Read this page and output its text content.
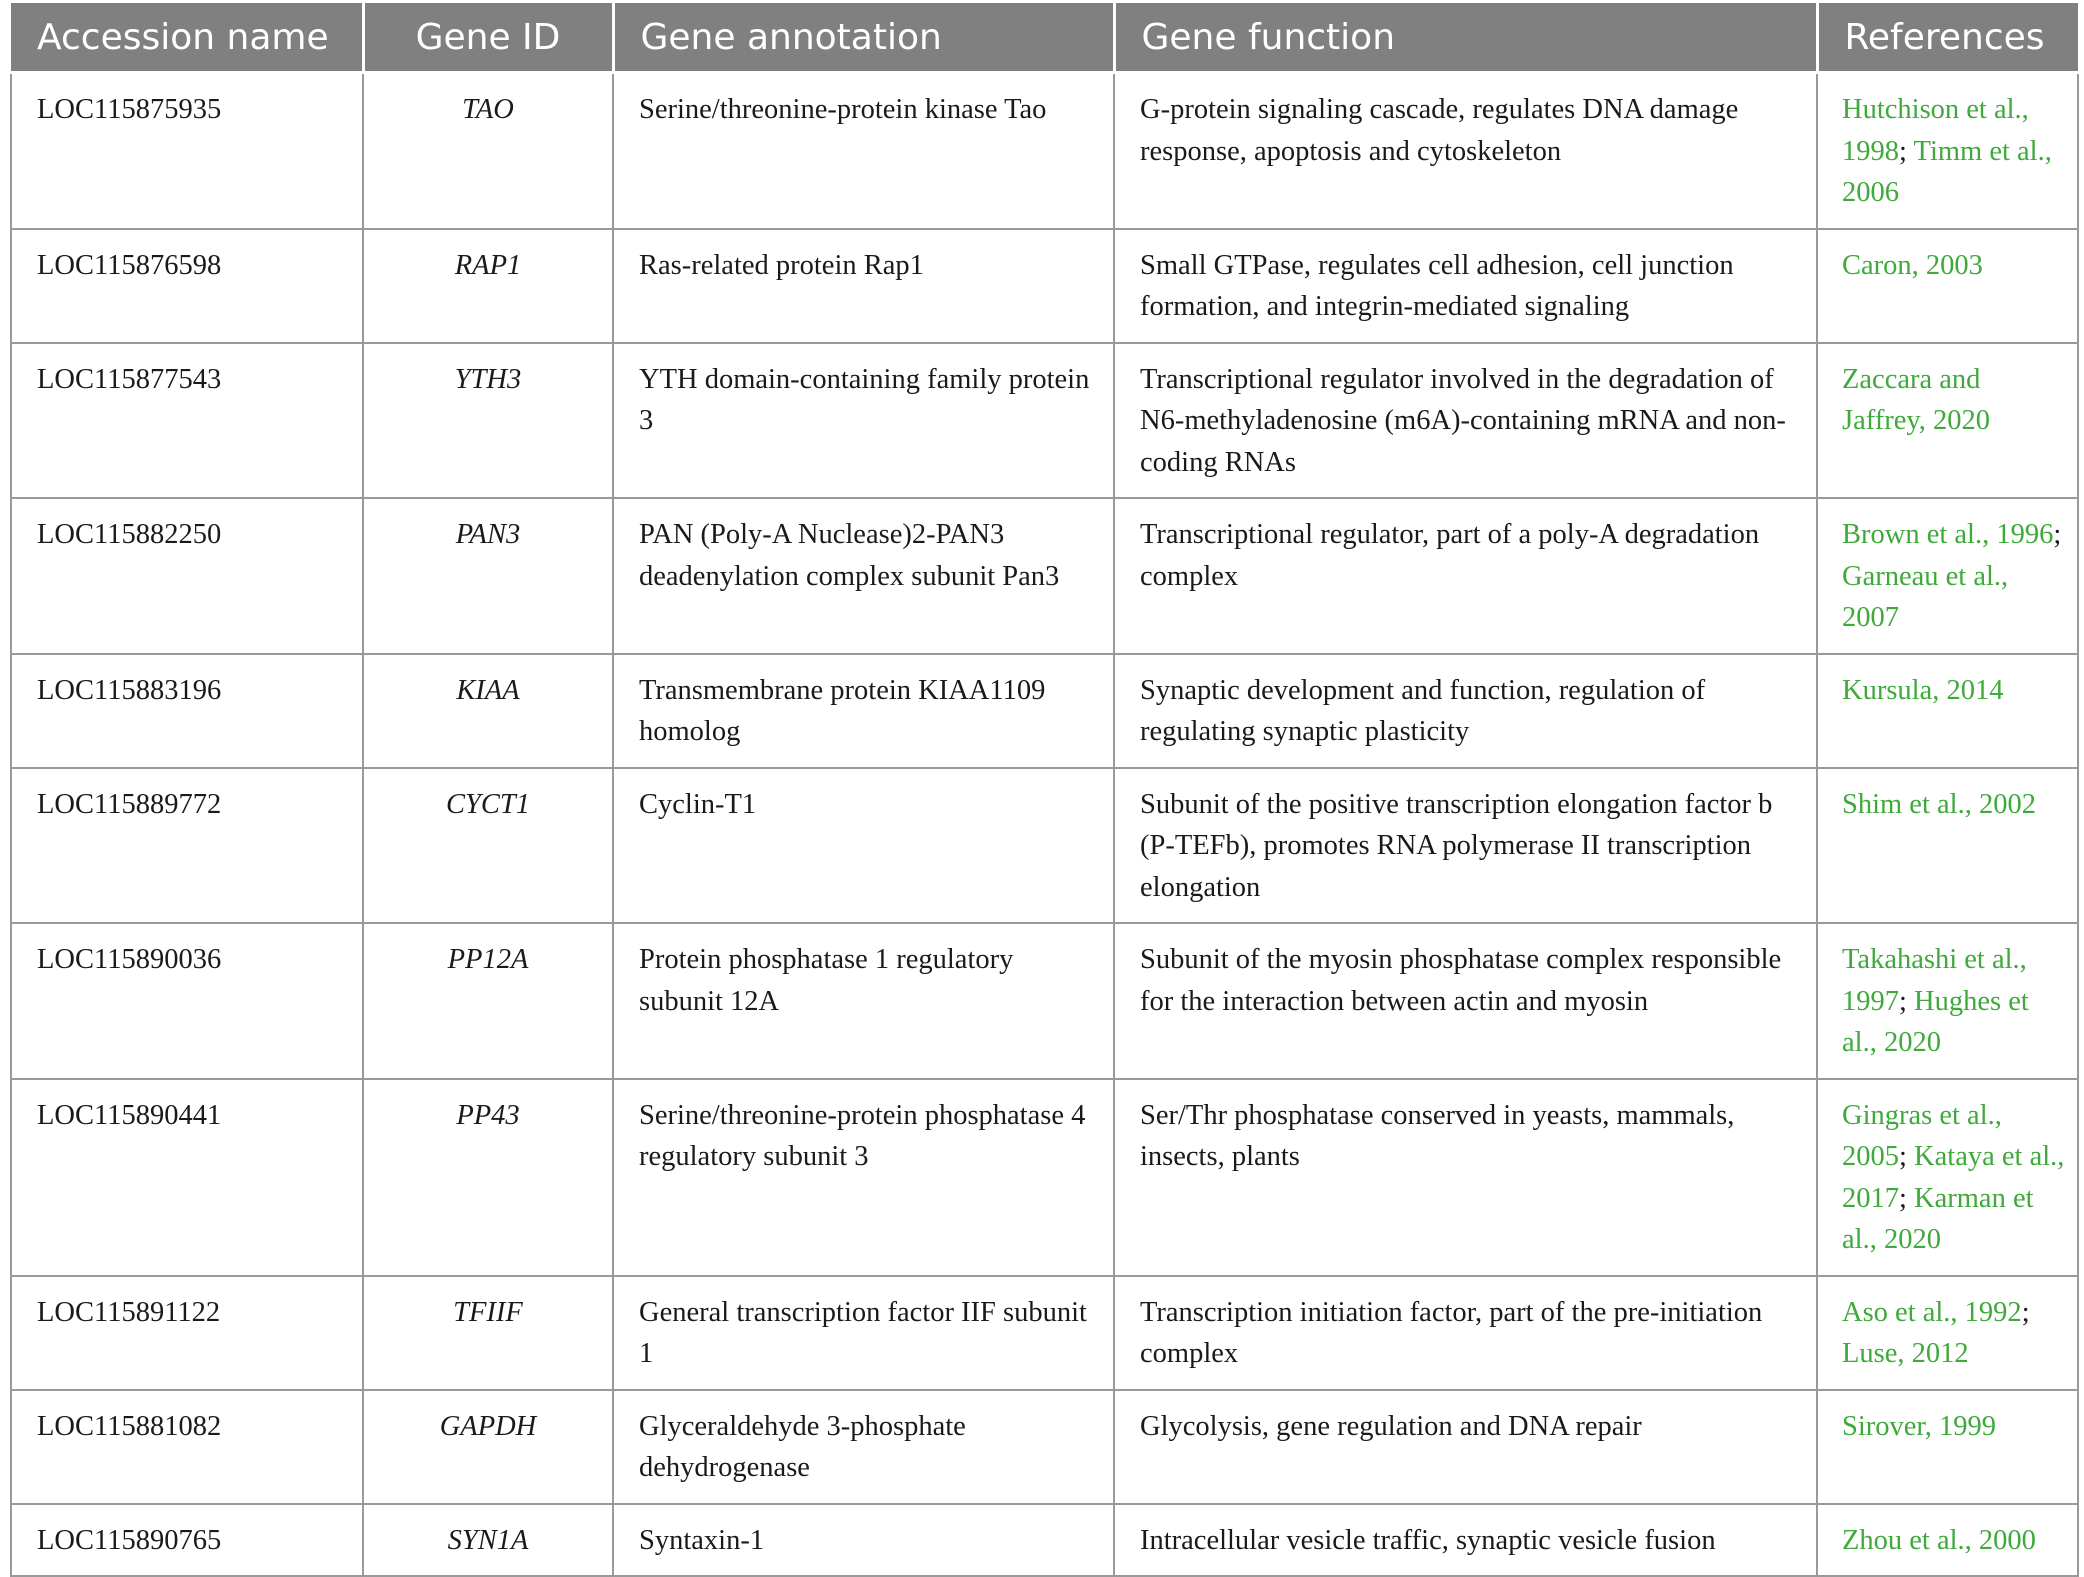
Accession name	Gene ID	Gene annotation	Gene function	References
LOC115875935	TAO	Serine/threonine-protein kinase Tao	G-protein signaling cascade, regulates DNA damage response, apoptosis and cytoskeleton	Hutchison et al., 1998; Timm et al., 2006
LOC115876598	RAP1	Ras-related protein Rap1	Small GTPase, regulates cell adhesion, cell junction formation, and integrin-mediated signaling	Caron, 2003
LOC115877543	YTH3	YTH domain-containing family protein 3	Transcriptional regulator involved in the degradation of N6-methyladenosine (m6A)-containing mRNA and non-coding RNAs	Zaccara and Jaffrey, 2020
LOC115882250	PAN3	PAN (Poly-A Nuclease)2-PAN3 deadenylation complex subunit Pan3	Transcriptional regulator, part of a poly-A degradation complex	Brown et al., 1996; Garneau et al., 2007
LOC115883196	KIAA	Transmembrane protein KIAA1109 homolog	Synaptic development and function, regulation of regulating synaptic plasticity	Kursula, 2014
LOC115889772	CYCT1	Cyclin-T1	Subunit of the positive transcription elongation factor b (P-TEFb), promotes RNA polymerase II transcription elongation	Shim et al., 2002
LOC115890036	PP12A	Protein phosphatase 1 regulatory subunit 12A	Subunit of the myosin phosphatase complex responsible for the interaction between actin and myosin	Takahashi et al., 1997; Hughes et al., 2020
LOC115890441	PP43	Serine/threonine-protein phosphatase 4 regulatory subunit 3	Ser/Thr phosphatase conserved in yeasts, mammals, insects, plants	Gingras et al., 2005; Kataya et al., 2017; Karman et al., 2020
LOC115891122	TFIIF	General transcription factor IIF subunit 1	Transcription initiation factor, part of the pre-initiation complex	Aso et al., 1992; Luse, 2012
LOC115881082	GAPDH	Glyceraldehyde 3-phosphate dehydrogenase	Glycolysis, gene regulation and DNA repair	Sirover, 1999
LOC115890765	SYN1A	Syntaxin-1	Intracellular vesicle traffic, synaptic vesicle fusion	Zhou et al., 2000
